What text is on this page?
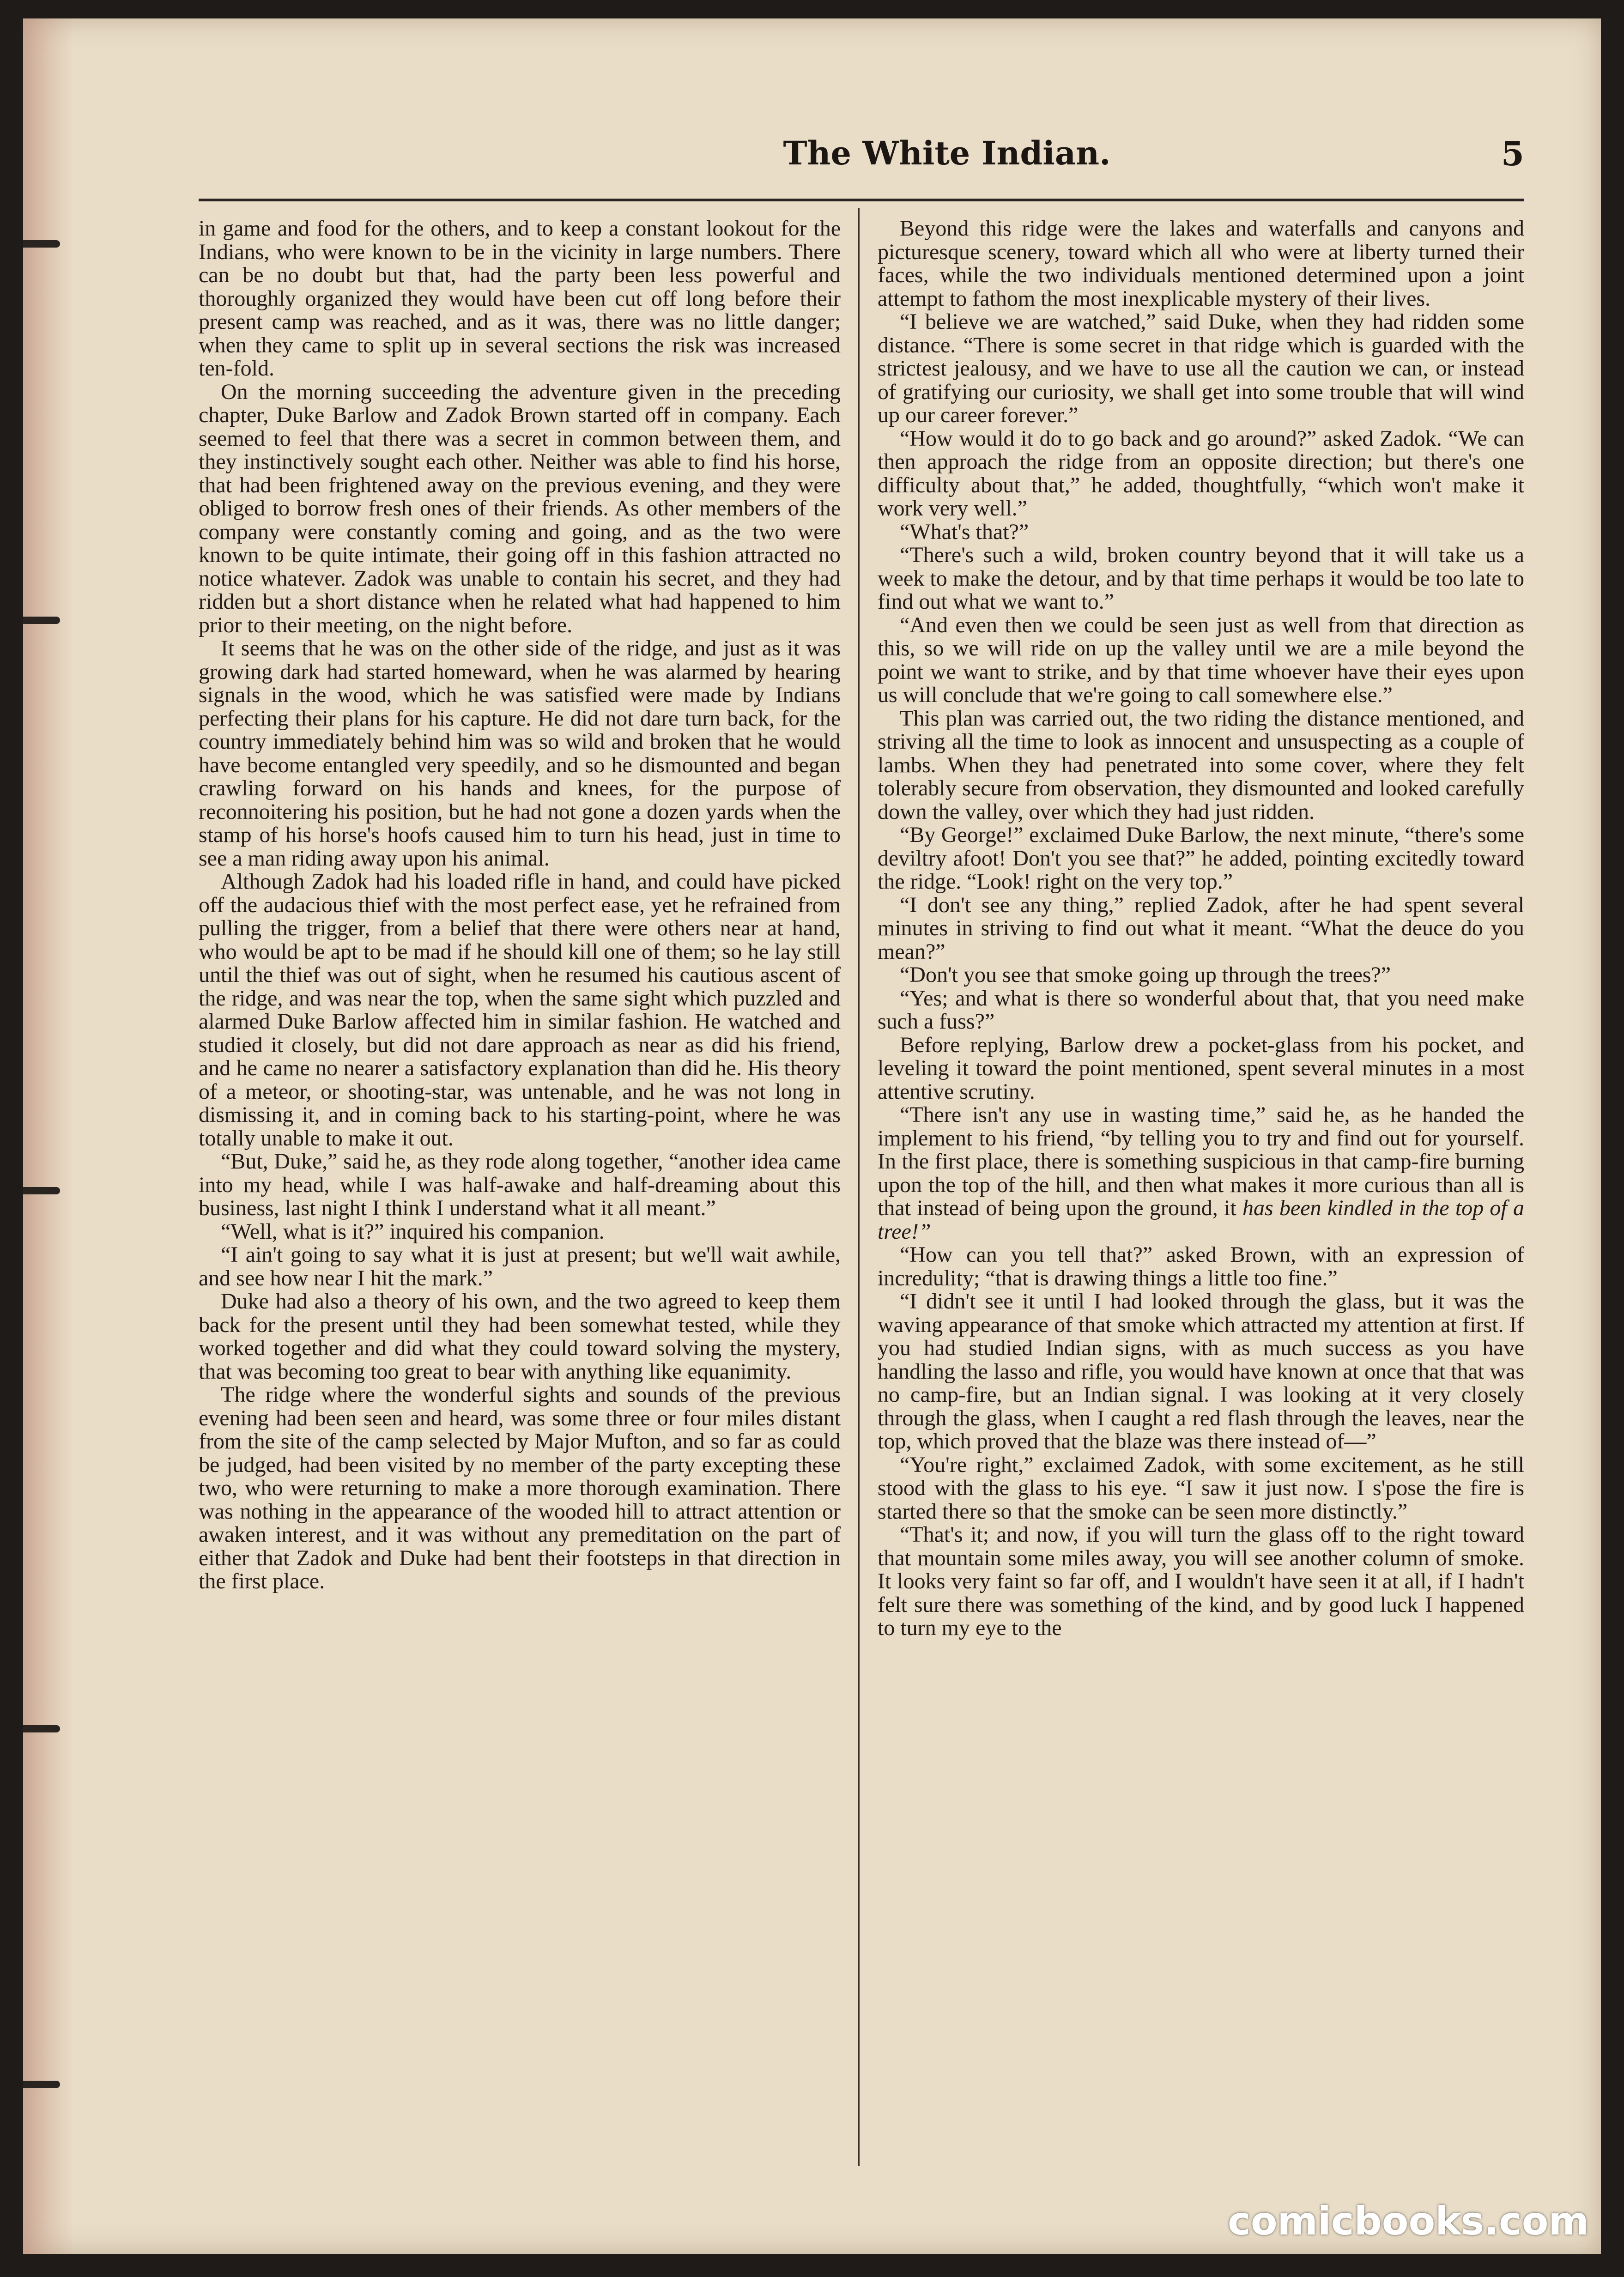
The White Indian.	5

in game and food for the others, and to keep a constant lookout for the Indians, who were known to be in the vicinity in large numbers. There can be no doubt but that, had the party been less powerful and thoroughly organized they would have been cut off long before their present camp was reached, and as it was, there was no little danger; when they came to split up in several sections the risk was increased ten-fold.

On the morning succeeding the adventure given in the preceding chapter, Duke Barlow and Zadok Brown started off in company. Each seemed to feel that there was a secret in common between them, and they instinctively sought each other. Neither was able to find his horse, that had been frightened away on the previous evening, and they were obliged to borrow fresh ones of their friends. As other members of the company were constantly coming and going, and as the two were known to be quite intimate, their going off in this fashion attracted no notice whatever. Zadok was unable to contain his secret, and they had ridden but a short distance when he related what had happened to him prior to their meeting, on the night before.

It seems that he was on the other side of the ridge, and just as it was growing dark had started homeward, when he was alarmed by hearing signals in the wood, which he was satisfied were made by Indians perfecting their plans for his capture. He did not dare turn back, for the country immediately behind him was so wild and broken that he would have become entangled very speedily, and so he dismounted and began crawling forward on his hands and knees, for the purpose of reconnoitering his position, but he had not gone a dozen yards when the stamp of his horse's hoofs caused him to turn his head, just in time to see a man riding away upon his animal.

Although Zadok had his loaded rifle in hand, and could have picked off the audacious thief with the most perfect ease, yet he refrained from pulling the trigger, from a belief that there were others near at hand, who would be apt to be mad if he should kill one of them; so he lay still until the thief was out of sight, when he resumed his cautious ascent of the ridge, and was near the top, when the same sight which puzzled and alarmed Duke Barlow affected him in similar fashion. He watched and studied it closely, but did not dare approach as near as did his friend, and he came no nearer a satisfactory explanation than did he. His theory of a meteor, or shooting-star, was untenable, and he was not long in dismissing it, and in coming back to his starting-point, where he was totally unable to make it out.

“But, Duke,” said he, as they rode along together, “another idea came into my head, while I was half-awake and half-dreaming about this business, last night I think I understand what it all meant.”

“Well, what is it?” inquired his companion.

“I ain't going to say what it is just at present; but we'll wait awhile, and see how near I hit the mark.”

Duke had also a theory of his own, and the two agreed to keep them back for the present until they had been somewhat tested, while they worked together and did what they could toward solving the mystery, that was becoming too great to bear with anything like equanimity.

The ridge where the wonderful sights and sounds of the previous evening had been seen and heard, was some three or four miles distant from the site of the camp selected by Major Mufton, and so far as could be judged, had been visited by no member of the party excepting these two, who were returning to make a more thorough examination. There was nothing in the appearance of the wooded hill to attract attention or awaken interest, and it was without any premeditation on the part of either that Zadok and Duke had bent their footsteps in that direction in the first place.

Beyond this ridge were the lakes and waterfalls and canyons and picturesque scenery, toward which all who were at liberty turned their faces, while the two individuals mentioned determined upon a joint attempt to fathom the most inexplicable mystery of their lives.

“I believe we are watched,” said Duke, when they had ridden some distance. “There is some secret in that ridge which is guarded with the strictest jealousy, and we have to use all the caution we can, or instead of gratifying our curiosity, we shall get into some trouble that will wind up our career forever.”

“How would it do to go back and go around?” asked Zadok. “We can then approach the ridge from an opposite direction; but there's one difficulty about that,” he added, thoughtfully, “which won't make it work very well.”

“What's that?”

“There's such a wild, broken country beyond that it will take us a week to make the detour, and by that time perhaps it would be too late to find out what we want to.”

“And even then we could be seen just as well from that direction as this, so we will ride on up the valley until we are a mile beyond the point we want to strike, and by that time whoever have their eyes upon us will conclude that we're going to call somewhere else.”

This plan was carried out, the two riding the distance mentioned, and striving all the time to look as innocent and unsuspecting as a couple of lambs. When they had penetrated into some cover, where they felt tolerably secure from observation, they dismounted and looked carefully down the valley, over which they had just ridden.

“By George!” exclaimed Duke Barlow, the next minute, “there's some deviltry afoot! Don't you see that?” he added, pointing excitedly toward the ridge. “Look! right on the very top.”

“I don't see any thing,” replied Zadok, after he had spent several minutes in striving to find out what it meant. “What the deuce do you mean?”

“Don't you see that smoke going up through the trees?”

“Yes; and what is there so wonderful about that, that you need make such a fuss?”

Before replying, Barlow drew a pocket-glass from his pocket, and leveling it toward the point mentioned, spent several minutes in a most attentive scrutiny.

“There isn't any use in wasting time,” said he, as he handed the implement to his friend, “by telling you to try and find out for yourself. In the first place, there is something suspicious in that camp-fire burning upon the top of the hill, and then what makes it more curious than all is that instead of being upon the ground, it has been kindled in the top of a tree!”

“How can you tell that?” asked Brown, with an expression of incredulity; “that is drawing things a little too fine.”

“I didn't see it until I had looked through the glass, but it was the waving appearance of that smoke which attracted my attention at first. If you had studied Indian signs, with as much success as you have handling the lasso and rifle, you would have known at once that that was no camp-fire, but an Indian signal. I was looking at it very closely through the glass, when I caught a red flash through the leaves, near the top, which proved that the blaze was there instead of—”

“You're right,” exclaimed Zadok, with some excitement, as he still stood with the glass to his eye. “I saw it just now. I s'pose the fire is started there so that the smoke can be seen more distinctly.”

“That's it; and now, if you will turn the glass off to the right toward that mountain some miles away, you will see another column of smoke. It looks very faint so far off, and I wouldn't have seen it at all, if I hadn't felt sure there was something of the kind, and by good luck I happened to turn my eye to the

comicbooks.com
